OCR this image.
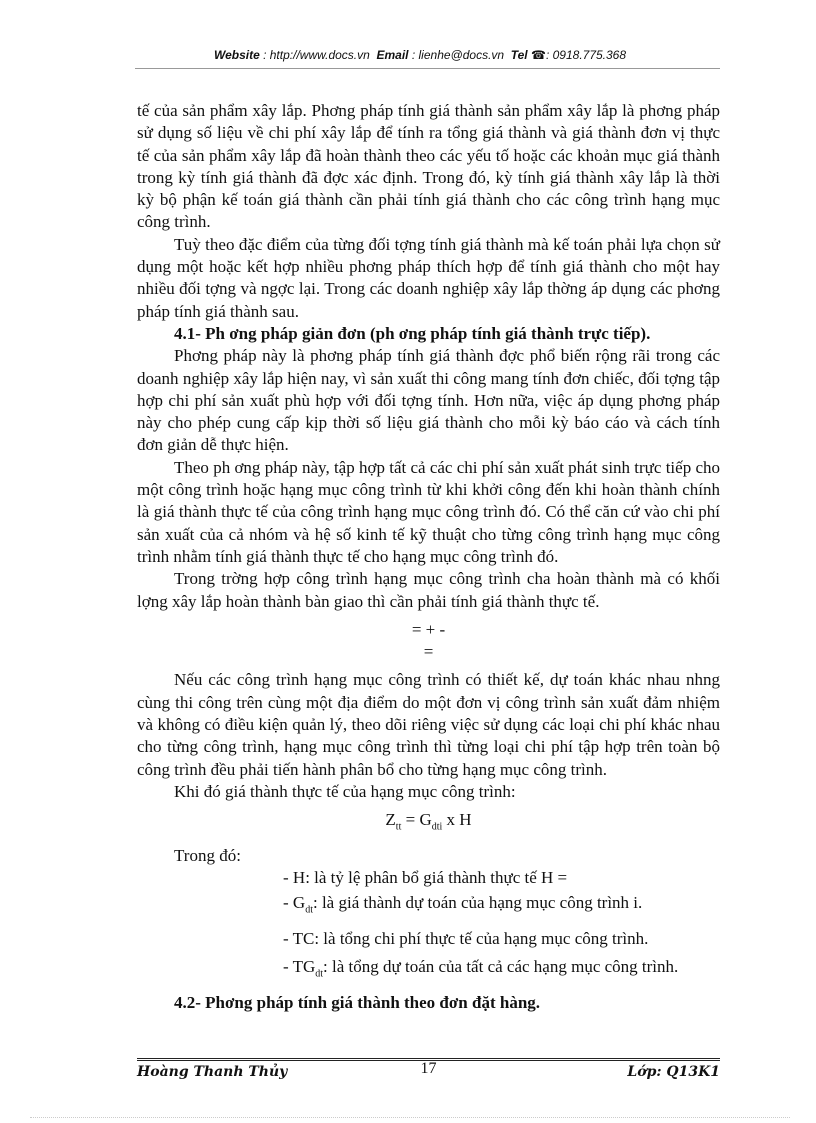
Website : http://www.docs.vn Email : lienhe@docs.vn Tel ☎: 0918.775.368

tế của sản phẩm xây lắp. Phơng pháp tính giá thành sản phẩm xây lắp là phơng pháp sử dụng số liệu về chi phí xây lắp để tính ra tổng giá thành và giá thành đơn vị thực tế của sản phẩm xây lắp đã hoàn thành theo các yếu tố hoặc các khoản mục giá thành trong kỳ tính giá thành đã đợc xác định. Trong đó, kỳ tính giá thành xây lắp là thời kỳ bộ phận kế toán giá thành cần phải tính giá thành cho các công trình hạng mục công trình.

Tuỳ theo đặc điểm của từng đối tợng tính giá thành mà kế toán phải lựa chọn sử dụng một hoặc kết hợp nhiều phơng pháp thích hợp để tính giá thành cho một hay nhiều đối tợng và ngợc lại. Trong các doanh nghiệp xây lắp thờng áp dụng các phơng pháp tính giá thành sau.

4.1- Ph ơng pháp giản đơn (ph ơng pháp tính giá thành trực tiếp).

Phơng pháp này là phơng pháp tính giá thành đợc phổ biến rộng rãi trong các doanh nghiệp xây lắp hiện nay, vì sản xuất thi công mang tính đơn chiếc, đối tợng tập hợp chi phí sản xuất phù hợp với đối tợng tính. Hơn nữa, việc áp dụng phơng pháp này cho phép cung cấp kịp thời số liệu giá thành cho mỗi kỳ báo cáo và cách tính đơn giản dễ thực hiện.

Theo ph ơng pháp này, tập hợp tất cả các chi phí sản xuất phát sinh trực tiếp cho một công trình hoặc hạng mục công trình từ khi khởi công đến khi hoàn thành chính là giá thành thực tế của công trình hạng mục công trình đó. Có thể căn cứ vào chi phí sản xuất của cả nhóm và hệ số kinh tế kỹ thuật cho từng công trình hạng mục công trình nhằm tính giá thành thực tế cho hạng mục công trình đó.

Trong trờng hợp công trình hạng mục công trình cha hoàn thành mà có khối lợng xây lắp hoàn thành bàn giao thì cần phải tính giá thành thực tế.

= + -

=

Nếu các công trình hạng mục công trình có thiết kế, dự toán khác nhau nhng cùng thi công trên cùng một địa điểm do một đơn vị công trình sản xuất đảm nhiệm và không có điều kiện quản lý, theo dõi riêng việc sử dụng các loại chi phí khác nhau cho từng công trình, hạng mục công trình thì từng loại chi phí tập hợp trên toàn bộ công trình đều phải tiến hành phân bổ cho từng hạng mục công trình.

Khi đó giá thành thực tế của hạng mục công trình:

$Z_{tt} = G_{dti}$ x H

Trong đó:

- H: là tỷ lệ phân bổ giá thành thực tế H =

- $G_{dt}$: là giá thành dự toán của hạng mục công trình i.

- TC: là tổng chi phí thực tế của hạng mục công trình.

- $TG_{dt}$: là tổng dự toán của tất cả các hạng mục công trình.

4.2- Phơng pháp tính giá thành theo đơn đặt hàng.

Hoàng Thanh Thủy	17	Lớp: Q13K1
